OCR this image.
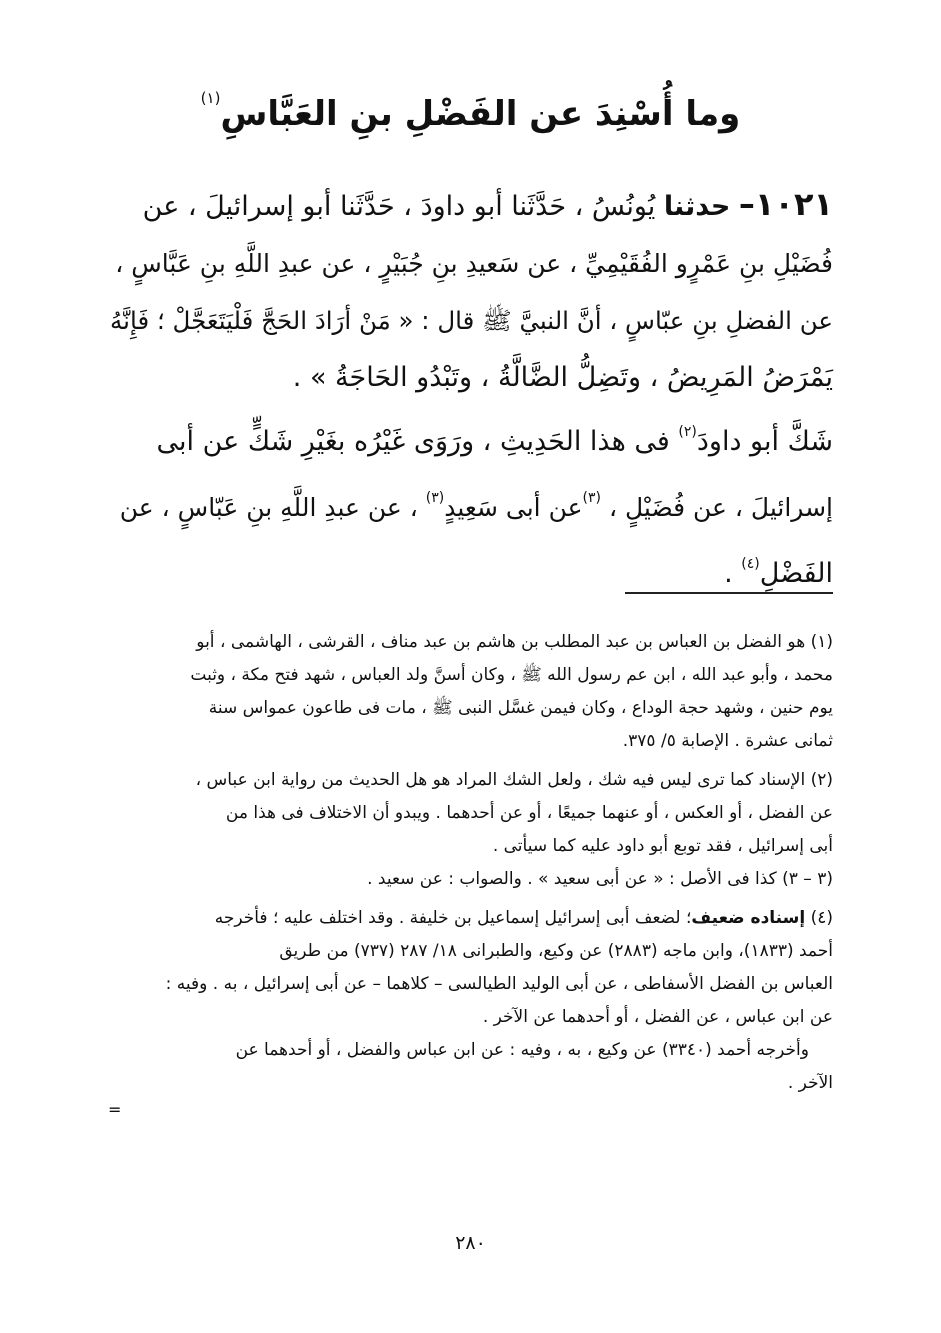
وما أُسْنِدَ عن الفَضْلِ بنِ العَبَّاسِ$^{(١)}$
١٠٢١– حدثنا يُونُسُ ، حَدَّثَنا أبو داودَ ، حَدَّثَنا أبو إسرائيلَ ، عن
فُضَيْلِ بنِ عَمْرٍو الفُقَيْمِيِّ ، عن سَعيدِ بنِ جُبَيْرٍ ، عن عبدِ اللَّهِ بنِ عَبَّاسٍ ،
عن الفضلِ بنِ عبّاسٍ ، أنَّ النبيَّ ﷺ قال : « مَنْ أرَادَ الحَجَّ فَلْيَتَعَجَّلْ ؛ فَإِنَّهُ
يَمْرَضُ المَرِيضُ ، وتَضِلُّ الضَّالَّةُ ، وتَبْدُو الحَاجَةُ » .
شَكَّ أبو داودَ$^{(٢)}$ فى هذا الحَدِيثِ ، ورَوَى غَيْرُه بغَيْرِ شَكٍّ عن أبى
إسرائيلَ ، عن فُضَيْلٍ ، $^{(٣)}$عن أبى سَعِيدٍ$^{(٣)}$ ، عن عبدِ اللَّهِ بنِ عَبّاسٍ ، عن
الفَضْلِ$^{(٤)}$ .
(١) هو الفضل بن العباس بن عبد المطلب بن هاشم بن عبد مناف ، القرشى ، الهاشمى ، أبو
محمد ، وأبو عبد الله ، ابن عم رسول الله ﷺ ، وكان أسنَّ ولد العباس ، شهد فتح مكة ، وثبت
يوم حنين ، وشهد حجة الوداع ، وكان فيمن غسَّل النبى ﷺ ، مات فى طاعون عمواس سنة
ثمانى عشرة . الإصابة ٥/ ٣٧٥.
(٢) الإسناد كما ترى ليس فيه شك ، ولعل الشك المراد هو هل الحديث من رواية ابن عباس ،
عن الفضل ، أو العكس ، أو عنهما جميعًا ، أو عن أحدهما . ويبدو أن الاختلاف فى هذا من
أبى إسرائيل ، فقد توبع أبو داود عليه كما سيأتى .
(٣ – ٣) كذا فى الأصل : « عن أبى سعيد » . والصواب : عن سعيد .
(٤) إسناده ضعيف؛ لضعف أبى إسرائيل إسماعيل بن خليفة . وقد اختلف عليه ؛ فأخرجه
أحمد (١٨٣٣)، وابن ماجه (٢٨٨٣) عن وكيع، والطبرانى ١٨/ ٢٨٧ (٧٣٧) من طريق
العباس بن الفضل الأسفاطى ، عن أبى الوليد الطيالسى – كلاهما – عن أبى إسرائيل ، به . وفيه :
عن ابن عباس ، عن الفضل ، أو أحدهما عن الآخر .
وأخرجه أحمد (٣٣٤٠) عن وكيع ، به ، وفيه : عن ابن عباس والفضل ، أو أحدهما عن
الآخر .
=
٢٨٠
